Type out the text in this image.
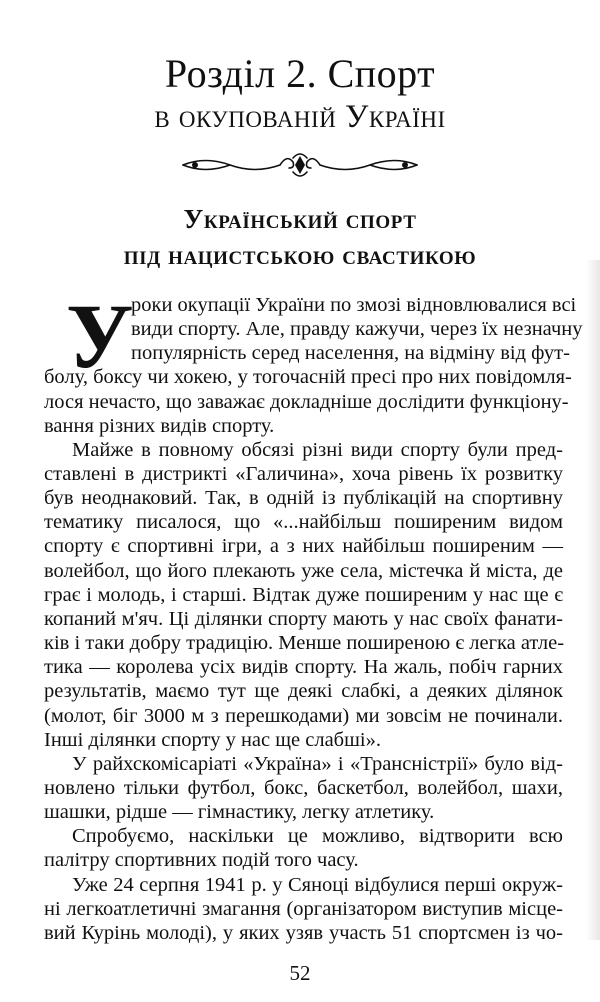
Розділ 2. Спорт
в окупованій Україні
Український спорт
під нацистською свастикою
У
роки окупації України по змозі відновлювалися всі
види спорту. Але, правду кажучи, через їх незначну
популярність серед населення, на відміну від фут-
болу, боксу чи хокею, у тогочасній пресі про них повідомля-
лося нечасто, що заважає докладніше дослідити функціону-
вання різних видів спорту.
Майже в повному обсязі різні види спорту були пред-
ставлені в дистрикті «Галичина», хоча рівень їх розвитку
був неоднаковий. Так, в одній із публікацій на спортивну
тематику писалося, що «...найбільш поширеним видом
спорту є спортивні ігри, а з них найбільш поширеним —
волейбол, що його плекають уже села, містечка й міста, де
грає і молодь, і старші. Відтак дуже поширеним у нас ще є
копаний м'яч. Ці ділянки спорту мають у нас своїх фанати-
ків і таки добру традицію. Менше поширеною є легка атле-
тика — королева усіх видів спорту. На жаль, побіч гарних
результатів, маємо тут ще деякі слабкі, а деяких ділянок
(молот, біг 3000 м з перешкодами) ми зовсім не починали.
Інші ділянки спорту у нас ще слабші».
У райхскомісаріаті «Україна» і «Трансністрії» було від-
новлено тільки футбол, бокс, баскетбол, волейбол, шахи,
шашки, рідше — гімнастику, легку атлетику.
Спробуємо, наскільки це можливо, відтворити всю
палітру спортивних подій того часу.
Уже 24 серпня 1941 р. у Сяноці відбулися перші окруж-
ні легкоатлетичні змагання (організатором виступив місце-
вий Курінь молоді), у яких узяв участь 51 спортсмен із чо-
52
